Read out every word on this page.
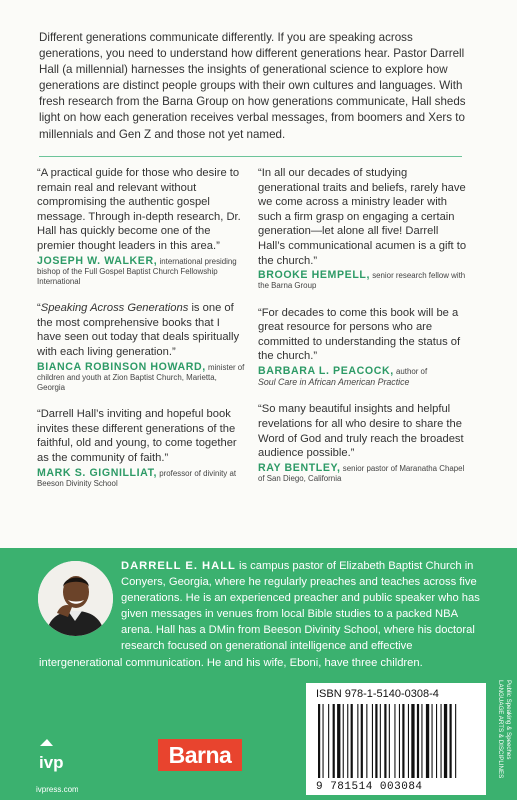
Different generations communicate differently. If you are speaking across generations, you need to understand how different generations hear. Pastor Darrell Hall (a millennial) harnesses the insights of generational science to explore how generations are distinct people groups with their own cultures and languages. With fresh research from the Barna Group on how generations communicate, Hall sheds light on how each generation receives verbal messages, from boomers and Xers to millennials and Gen Z and those not yet named.
“A practical guide for those who desire to remain real and relevant without compromising the authentic gospel message. Through in-depth research, Dr. Hall has quickly become one of the premier thought leaders in this area.”
JOSEPH W. WALKER, international presiding bishop of the Full Gospel Baptist Church Fellowship International
“Speaking Across Generations is one of the most comprehensive books that I have seen out today that deals spiritually with each living generation.”
BIANCA ROBINSON HOWARD, minister of children and youth at Zion Baptist Church, Marietta, Georgia
“Darrell Hall’s inviting and hopeful book invites these different generations of the faithful, old and young, to come together as the community of faith.”
MARK S. GIGNILLIAT, professor of divinity at Beeson Divinity School
“In all our decades of studying generational traits and beliefs, rarely have we come across a ministry leader with such a firm grasp on engaging a certain generation—let alone all five! Darrell Hall’s communicational acumen is a gift to the church.”
BROOKE HEMPELL, senior research fellow with the Barna Group
“For decades to come this book will be a great resource for persons who are committed to understanding the status of the church.”
BARBARA L. PEACOCK, author of
Soul Care in African American Practice
“So many beautiful insights and helpful revelations for all who desire to share the Word of God and truly reach the broadest audience possible.”
RAY BENTLEY, senior pastor of Maranatha Chapel of San Diego, California
DARRELL E. HALL is campus pastor of Elizabeth Baptist Church in Conyers, Georgia, where he regularly preaches and teaches across five generations. He is an experienced preacher and public speaker who has given messages in venues from local Bible studies to a packed NBA arena. Hall has a DMin from Beeson Divinity School, where his doctoral research focused on generational intelligence and effective intergenerational communication. He and his wife, Eboni, have three children.
ISBN 978-1-5140-0308-4
9 781514 003084
LANGUAGE ARTS & DISCIPLINES Public Speaking & Speeches
ivp
ivpress.com
Barna
